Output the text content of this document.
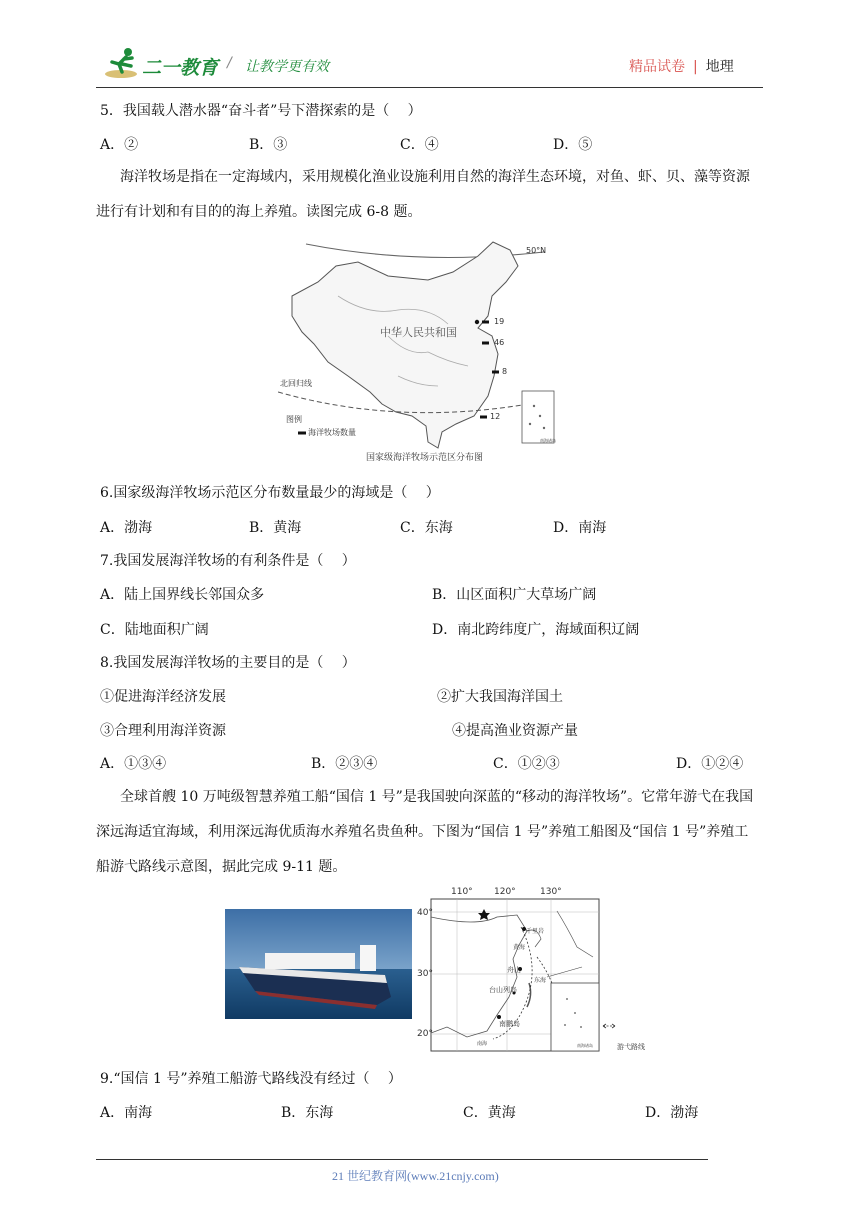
二一教育 / 让教学更有效	精品试卷 | 地理
5．我国载人潜水器“奋斗者”号下潜探索的是（　 ）
A．②	B．③	C．④	D．⑤
海洋牧场是指在一定海域内，采用规模化渔业设施利用自然的海洋生态环境，对鱼、虾、贝、藻等资源进行有计划和有目的的海上养殖。读图完成 6-8 题。
中华人民共和国
50°N
北回归线
图例
海洋牧场数量
19
46
8
12
南海诸岛
国家级海洋牧场示范区分布图
6.国家级海洋牧场示范区分布数量最少的海域是（　 ）
A．渤海	B．黄海	C．东海	D．南海
7.我国发展海洋牧场的有利条件是（　 ）
A．陆上国界线长邻国众多	B．山区面积广大草场广阔
C．陆地面积广阔	D．南北跨纬度广，海域面积辽阔
8.我国发展海洋牧场的主要目的是（　 ）
①促进海洋经济发展	②扩大我国海洋国土
③合理利用海洋资源	④提高渔业资源产量
A．①③④	B．②③④	C．①②③	D．①②④
全球首艘 10 万吨级智慧养殖工船“国信 1 号”是我国驶向深蓝的“移动的海洋牧场”。它常年游弋在我国深远海适宜海域，利用深远海优质海水养殖名贵鱼种。下图为“国信 1 号”养殖工船图及“国信 1 号”养殖工船游弋路线示意图，据此完成 9-11 题。
110° 120°	130°
40°
30°
20°
千里岩
黄海
舟山
台山列岛
东海
南鹏岛
南海	南海诸岛	游弋路线
9.“国信 1 号”养殖工船游弋路线没有经过（　 ）
A．南海	B．东海	C．黄海	D．渤海
21 世纪教育网(www.21cnjy.com)
